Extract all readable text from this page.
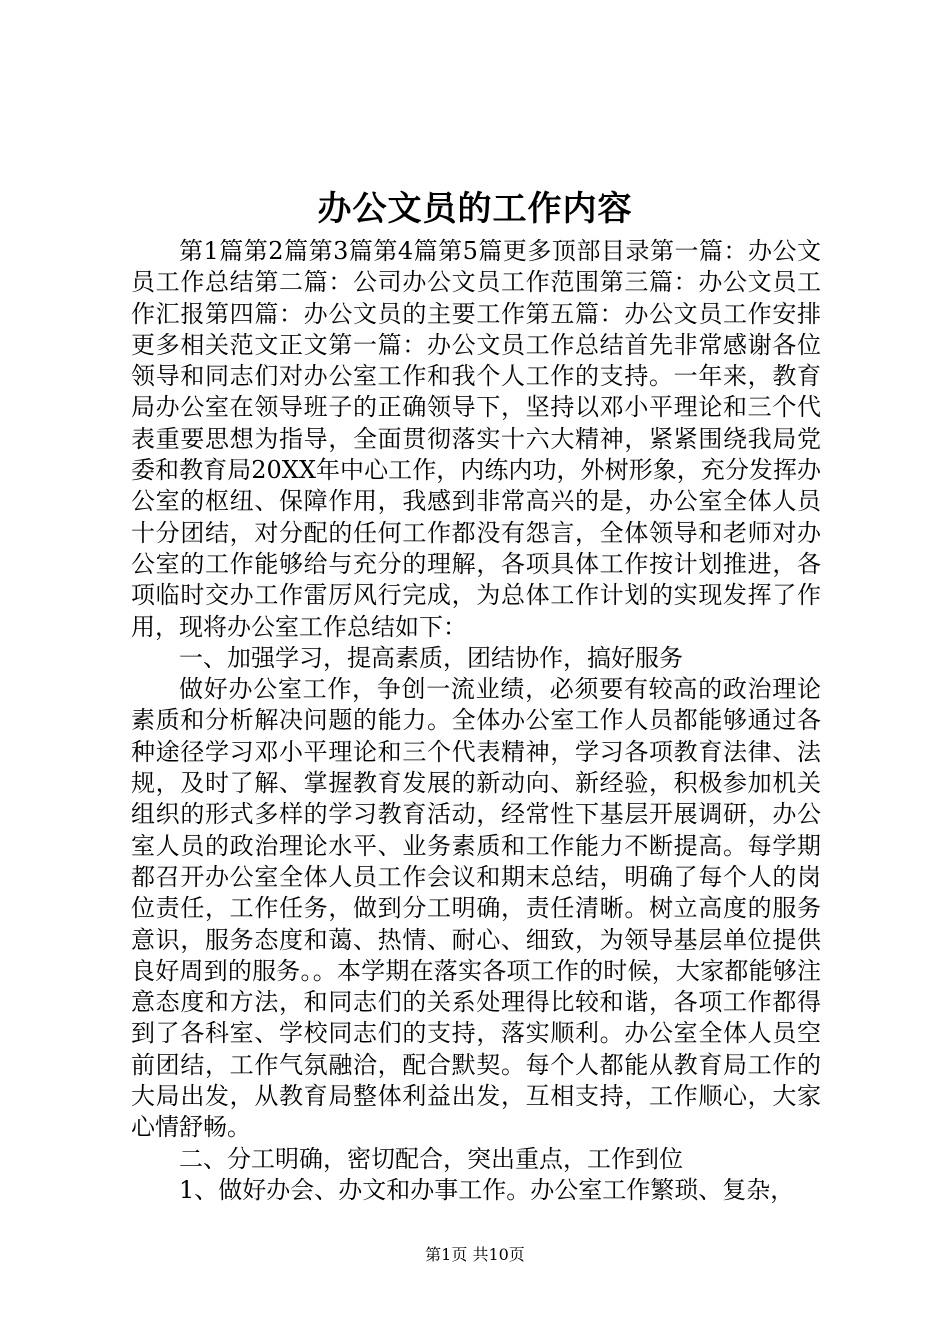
办公文员的工作内容

第1篇第2篇第3篇第4篇第5篇更多顶部目录第一篇：办公文员工作总结第二篇：公司办公文员工作范围第三篇：办公文员工作汇报第四篇：办公文员的主要工作第五篇：办公文员工作安排更多相关范文正文第一篇：办公文员工作总结首先非常感谢各位领导和同志们对办公室工作和我个人工作的支持。一年来，教育局办公室在领导班子的正确领导下，坚持以邓小平理论和三个代表重要思想为指导，全面贯彻落实十六大精神，紧紧围绕我局党委和教育局20XX年中心工作，内练内功，外树形象，充分发挥办公室的枢纽、保障作用，我感到非常高兴的是，办公室全体人员十分团结，对分配的任何工作都没有怨言，全体领导和老师对办公室的工作能够给与充分的理解，各项具体工作按计划推进，各项临时交办工作雷厉风行完成，为总体工作计划的实现发挥了作用，现将办公室工作总结如下：

一、加强学习，提高素质，团结协作，搞好服务

做好办公室工作，争创一流业绩，必须要有较高的政治理论素质和分析解决问题的能力。全体办公室工作人员都能够通过各种途径学习邓小平理论和三个代表精神，学习各项教育法律、法规，及时了解、掌握教育发展的新动向、新经验，积极参加机关组织的形式多样的学习教育活动，经常性下基层开展调研，办公室人员的政治理论水平、业务素质和工作能力不断提高。每学期都召开办公室全体人员工作会议和期末总结，明确了每个人的岗位责任，工作任务，做到分工明确，责任清晰。树立高度的服务意识，服务态度和蔼、热情、耐心、细致，为领导基层单位提供良好周到的服务。。本学期在落实各项工作的时候，大家都能够注意态度和方法，和同志们的关系处理得比较和谐，各项工作都得到了各科室、学校同志们的支持，落实顺利。办公室全体人员空前团结，工作气氛融洽，配合默契。每个人都能从教育局工作的大局出发，从教育局整体利益出发，互相支持，工作顺心，大家心情舒畅。

二、分工明确，密切配合，突出重点，工作到位

1、做好办会、办文和办事工作。办公室工作繁琐、复杂，

第1页 共10页
